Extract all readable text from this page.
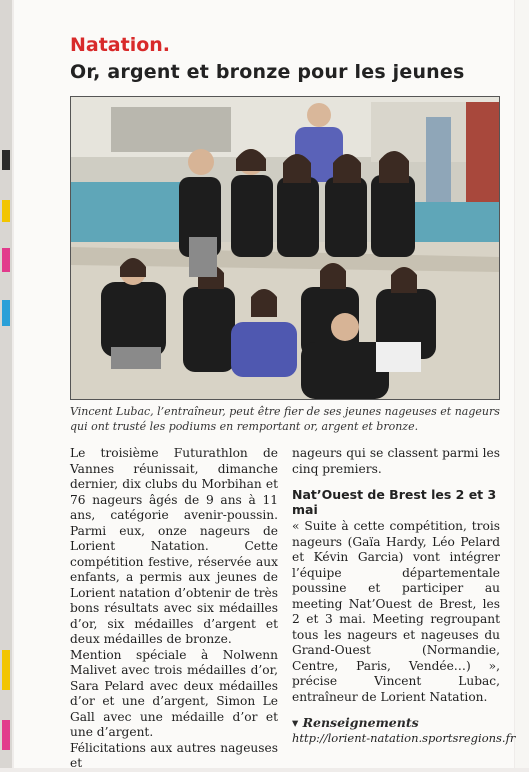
Natation.
Or, argent et bronze pour les jeunes
Vincent Lubac, l’entraîneur, peut être fier de ses jeunes nageuses et nageurs qui ont trusté les podiums en remportant or, argent et bronze.

Le troisième Futurathlon de Vannes réunissait, dimanche dernier, dix clubs du Morbihan et 76 nageurs âgés de 9 ans à 11 ans, catégorie avenir-poussin. Parmi eux, onze nageurs de Lorient Natation. Cette compétition festive, réservée aux enfants, a permis aux jeunes de Lorient natation d’obtenir de très bons résultats avec six médailles d’or, six médailles d’argent et deux médailles de bronze.

Mention spéciale à Nolwenn Malivet avec trois médailles d’or, Sara Pelard avec deux médailles d’or et une d’argent, Simon Le Gall avec une médaille d’or et une d’argent.

Félicitations aux autres nageuses et

nageurs qui se classent parmi les cinq premiers.

Nat’Ouest de Brest les 2 et 3 mai

« Suite à cette compétition, trois nageurs (Gaïa Hardy, Léo Pelard et Kévin Garcia) vont intégrer l’équipe départementale poussine et participer au meeting Nat’Ouest de Brest, les 2 et 3 mai. Meeting regroupant tous les nageurs et nageuses du Grand-Ouest (Normandie, Centre, Paris, Vendée…) », précise Vincent Lubac, entraîneur de Lorient Natation.

▾ Renseignements

http://lorient-natation.sportsregions.fr
